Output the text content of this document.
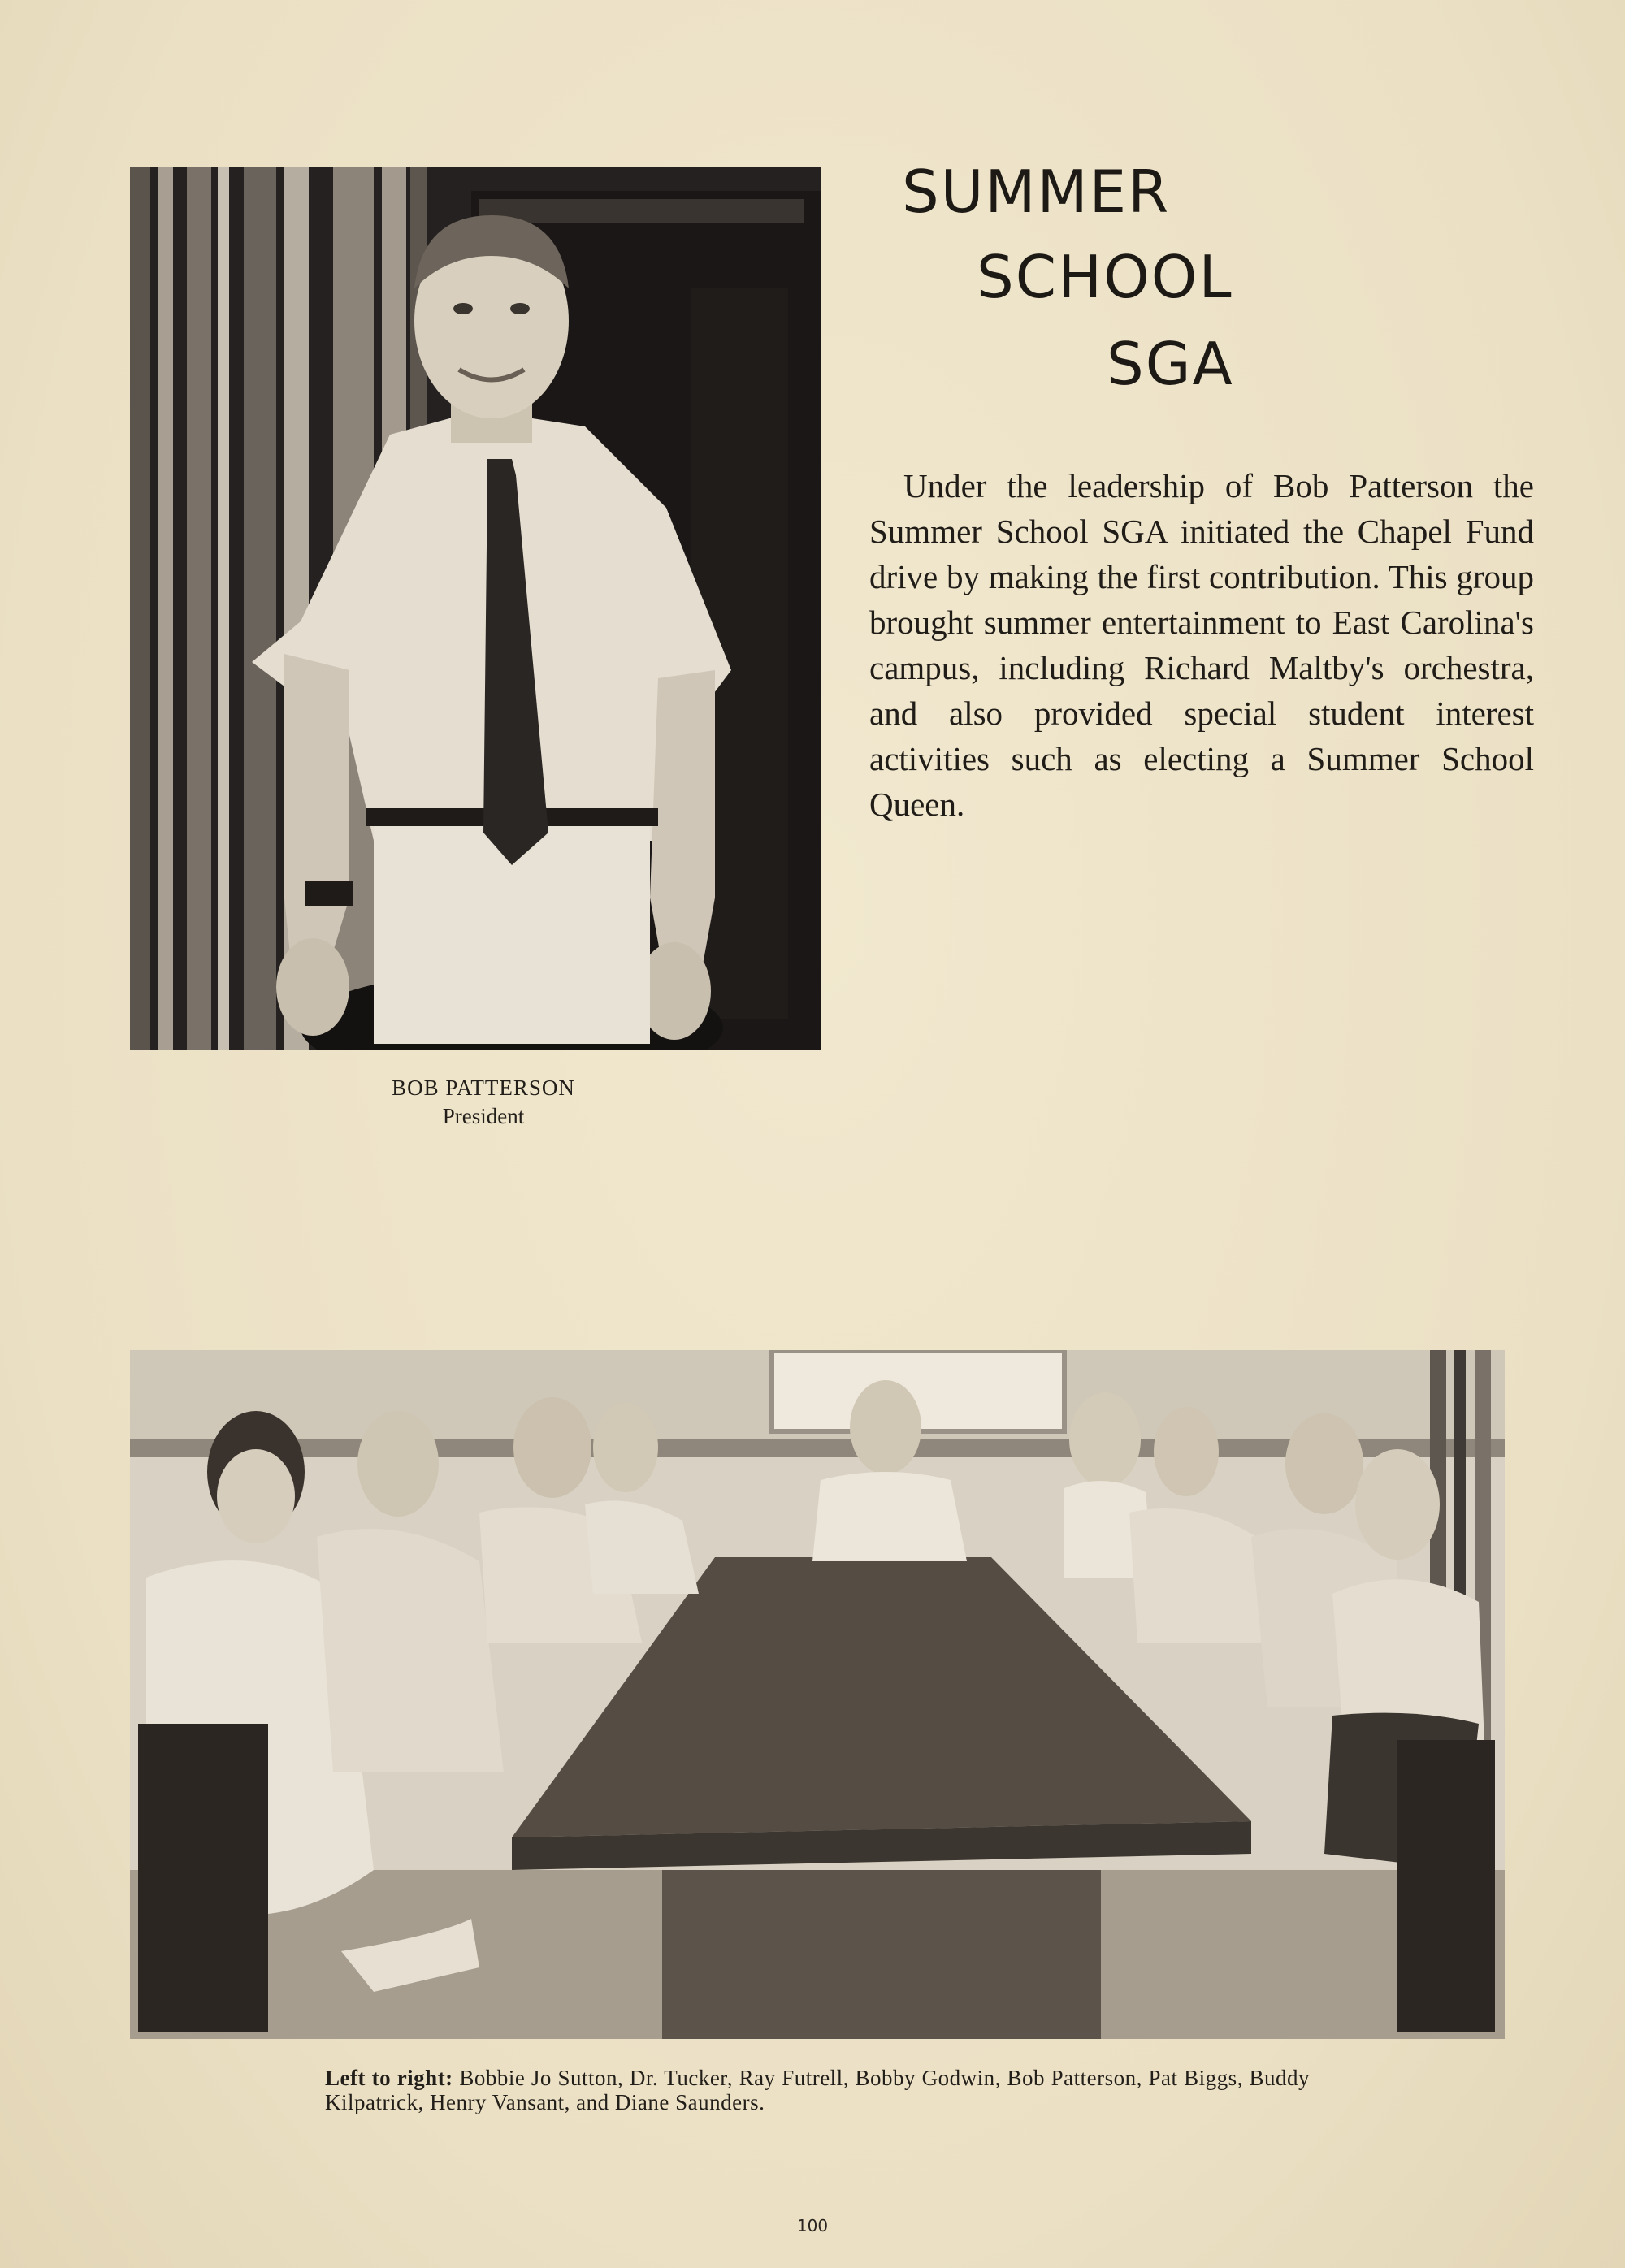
SUMMER
SCHOOL
SGA

Under the leadership of Bob Patterson the Summer School SGA initiated the Chapel Fund drive by making the first contribution. This group brought summer entertainment to East Carolina's campus, including Richard Maltby's orchestra, and also provided special student interest activities such as electing a Summer School Queen.

BOB PATTERSON
President
Left to right: Bobbie Jo Sutton, Dr. Tucker, Ray Futrell, Bobby Godwin, Bob Patterson, Pat Biggs, Buddy Kilpatrick, Henry Vansant, and Diane Saunders.
100
